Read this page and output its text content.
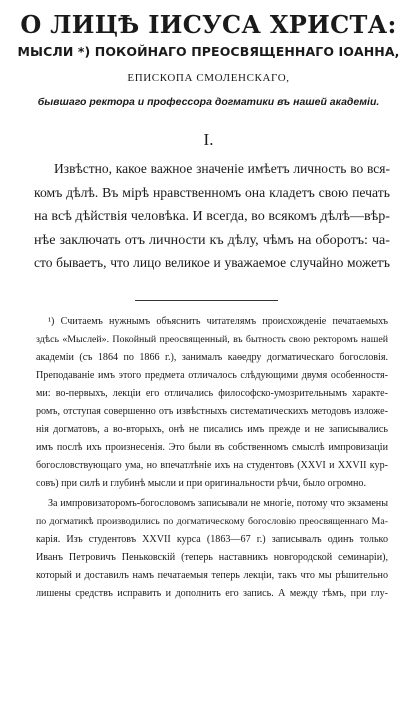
О ЛИЦѢ ІИСУСА ХРИСТА:
МЫСЛИ *) ПОКОЙНАГО ПРЕОСВЯЩЕННАГО ІОАННА,
ЕПИСКОПА СМОЛЕНСКАГО,
бывшаго ректора и профессора догматики въ нашей академіи.
I.
Извѣстно, какое важное значеніе имѣетъ личность во вся-
комъ дѣлѣ. Въ мірѣ нравственномъ она кладетъ свою печать
на всѣ дѣйствія человѣка. И всегда, во всякомъ дѣлѣ—вѣр-
нѣе заключать отъ личности къ дѣлу, чѣмъ на оборотъ: ча-
сто бываетъ, что лицо великое и уважаемое случайно можетъ
¹) Считаемъ нужнымъ объяснить читателямъ происхожденіе печатаемыхъ
здѣсь «Мыслей». Покойный преосвященный, въ бытность свою ректоромъ нашей
академіи (съ 1864 по 1866 г.), занималъ каѳедру догматическаго богословія.
Преподаваніе имъ этого предмета отличалось слѣдующими двумя особенностя-
ми: во-первыхъ, лекціи его отличались философско-умозрительнымъ характе-
ромъ, отступая совершенно отъ извѣстныхъ систематическихъ методовъ изложе-
нія догматовъ, а во-вторыхъ, онѣ не писались имъ прежде и не записывались
имъ послѣ ихъ произнесенія. Это были въ собственномъ смыслѣ импровизаціи
богословствующаго ума, но впечатлѣніе ихъ на студентовъ (XXVI и XXVII кур-
совъ) при силѣ и глубинѣ мысли и при оригинальности рѣчи, было огромно.
За импровизаторомъ-богословомъ записывали не многіе, потому что экзамены
по догматикѣ производились по догматическому богословію преосвященнаго Ма-
карія. Изъ студентовъ XXVII курса (1863—67 г.) записывалъ одинъ только
Иванъ Петровичъ Пеньковскій (теперь наставникъ новгородской семинаріи),
который и доставилъ намъ печатаемыя теперь лекціи, такъ что мы рѣшительно
лишены средствъ исправить и дополнить его запись. А между тѣмъ, при глу-
